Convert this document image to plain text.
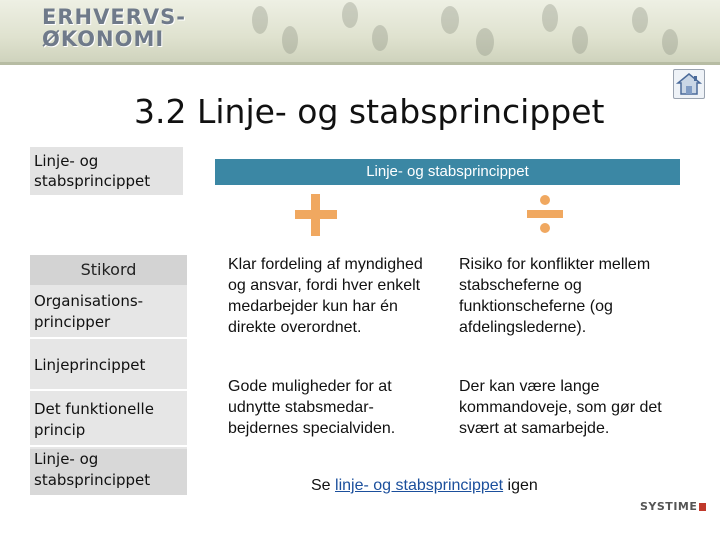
ERHVERVS-
ØKONOMI
3.2 Linje- og stabsprincippet
Linje- og stabsprincippet
Stikord
Organisations-principper
Linjeprincippet
Det funktionelle princip
Linje- og stabsprincippet
Linje- og stabsprincippet
Klar fordeling af myndighed og ansvar, fordi hver enkelt medarbejder kun har én direkte overordnet.
Gode muligheder for at udnytte stabsmedar-bejdernes specialviden.
Risiko for konflikter mellem stabscheferne og funktionscheferne (og afdelingslederne).
Der kan være lange kommandoveje, som gør det svært at samarbejde.
Se linje- og stabsprincippet igen
SYSTIME
